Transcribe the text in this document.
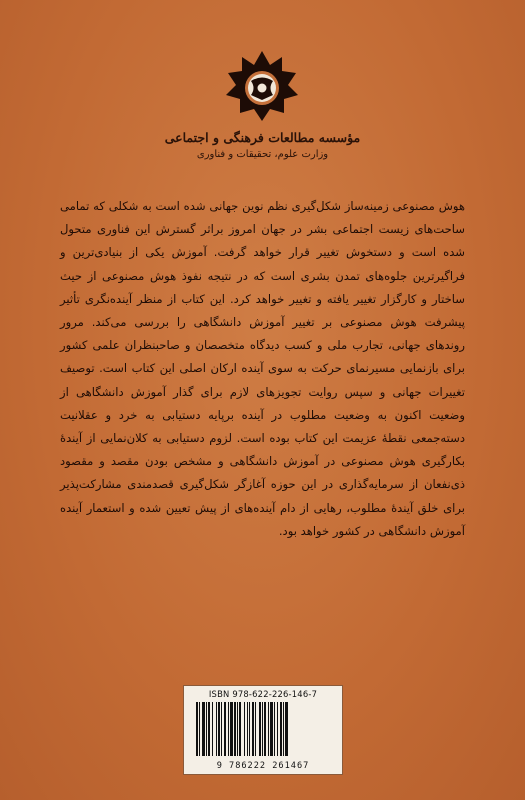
مؤسسه مطالعات فرهنگی و اجتماعی
وزارت علوم، تحقیقات و فناوری
هوش مصنوعی زمینه‌ساز شکل‌گیری نظم نوین جهانی شده است به شکلی که تمامی ساحت‌های زیست اجتماعی بشر در جهان امروز براثر گسترش این فناوری متحول شده است و دستخوش تغییر قرار خواهد گرفت. آموزش یکی از بنیادی‌ترین و فراگیرترین جلوه‌های تمدن بشری است که در نتیجه نفوذ هوش مصنوعی از حیث ساختار و کارگزار تغییر یافته و تغییر خواهد کرد. این کتاب از منظر آینده‌نگری تأثیر پیشرفت هوش مصنوعی بر تغییر آموزش دانشگاهی را بررسی می‌کند. مرور روندهای جهانی، تجارب ملی و کسب دیدگاه متخصصان و صاحبنظران علمی کشور برای بازنمایی مسیرنمای حرکت به سوی آینده ارکان اصلی این کتاب است. توصیف تغییرات جهانی و سپس روایت تجویزهای لازم برای گذار آموزش دانشگاهی از وضعیت اکنون به وضعیت مطلوب در آینده برپایه دستیابی به خرد و عقلانیت دسته‌جمعی نقطهٔ عزیمت این کتاب بوده است. لزوم دستیابی به کلان‌نمایی از آیندهٔ بکارگیری هوش مصنوعی در آموزش دانشگاهی و مشخص بودن مقصد و مقصود ذی‌نفعان از سرمایه‌گذاری در این حوزه آغازگر شکل‌گیری قصدمندی مشارکت‌پذیر برای خلق آیندهٔ مطلوب، رهایی از دام آینده‌های از پیش تعیین شده و استعمار آینده آموزش دانشگاهی در کشور خواهد بود.
ISBN 978-622-226-146-7
9 786222 261467
